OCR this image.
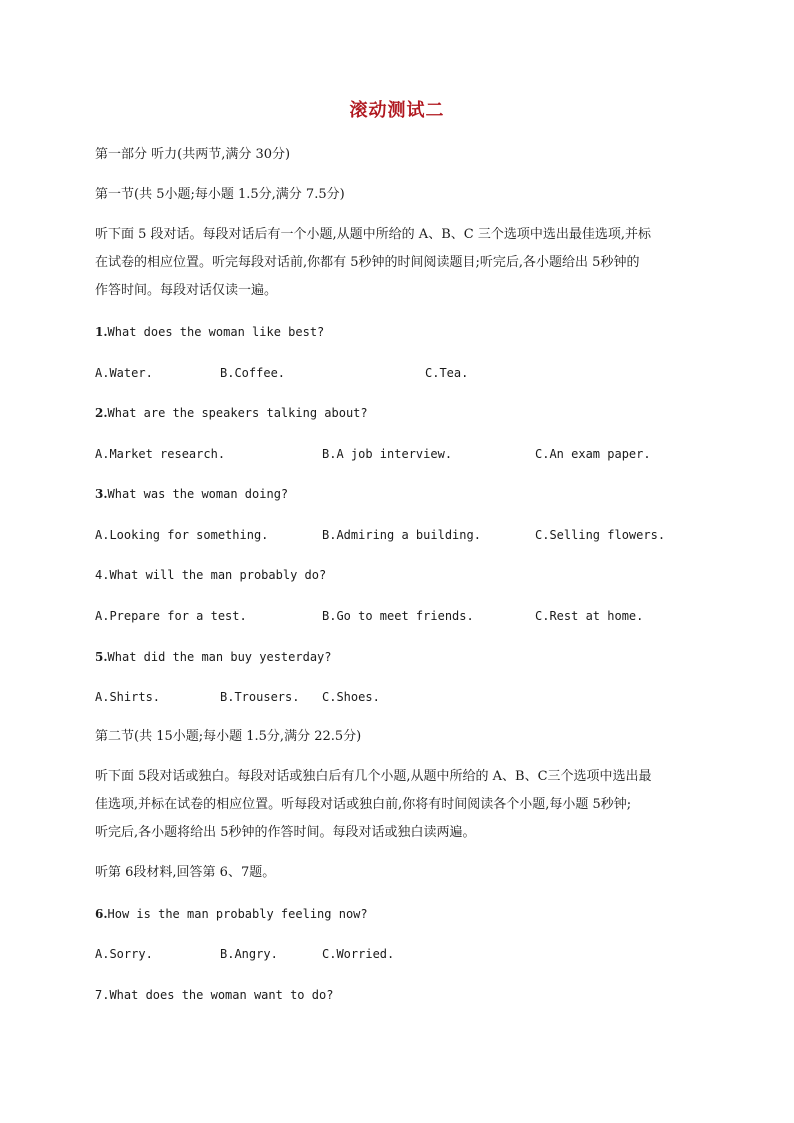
滚动测试二
第一部分 听力(共两节,满分 30分)
第一节(共 5小题;每小题 1.5分,满分 7.5分)
听下面 5 段对话。每段对话后有一个小题,从题中所给的 A、B、C 三个选项中选出最佳选项,并标
在试卷的相应位置。听完每段对话前,你都有 5秒钟的时间阅读题目;听完后,各小题给出 5秒钟的
作答时间。每段对话仅读一遍。
1.What does the woman like best?
A.Water.	B.Coffee.	C.Tea.
2.What are the speakers talking about?
A.Market research.	B.A job interview.	C.An exam paper.
3.What was the woman doing?
A.Looking for something.	B.Admiring a building.	C.Selling flowers.
4.What will the man probably do?
A.Prepare for a test.	B.Go to meet friends.	C.Rest at home.
5.What did the man buy yesterday?
A.Shirts.	B.Trousers. C.Shoes.
第二节(共 15小题;每小题 1.5分,满分 22.5分)
听下面 5段对话或独白。每段对话或独白后有几个小题,从题中所给的 A、B、C三个选项中选出最
佳选项,并标在试卷的相应位置。听每段对话或独白前,你将有时间阅读各个小题,每小题 5秒钟;
听完后,各小题将给出 5秒钟的作答时间。每段对话或独白读两遍。
听第 6段材料,回答第 6、7题。
6.How is the man probably feeling now?
A.Sorry.	B.Angry.	C.Worried.
7.What does the woman want to do?
